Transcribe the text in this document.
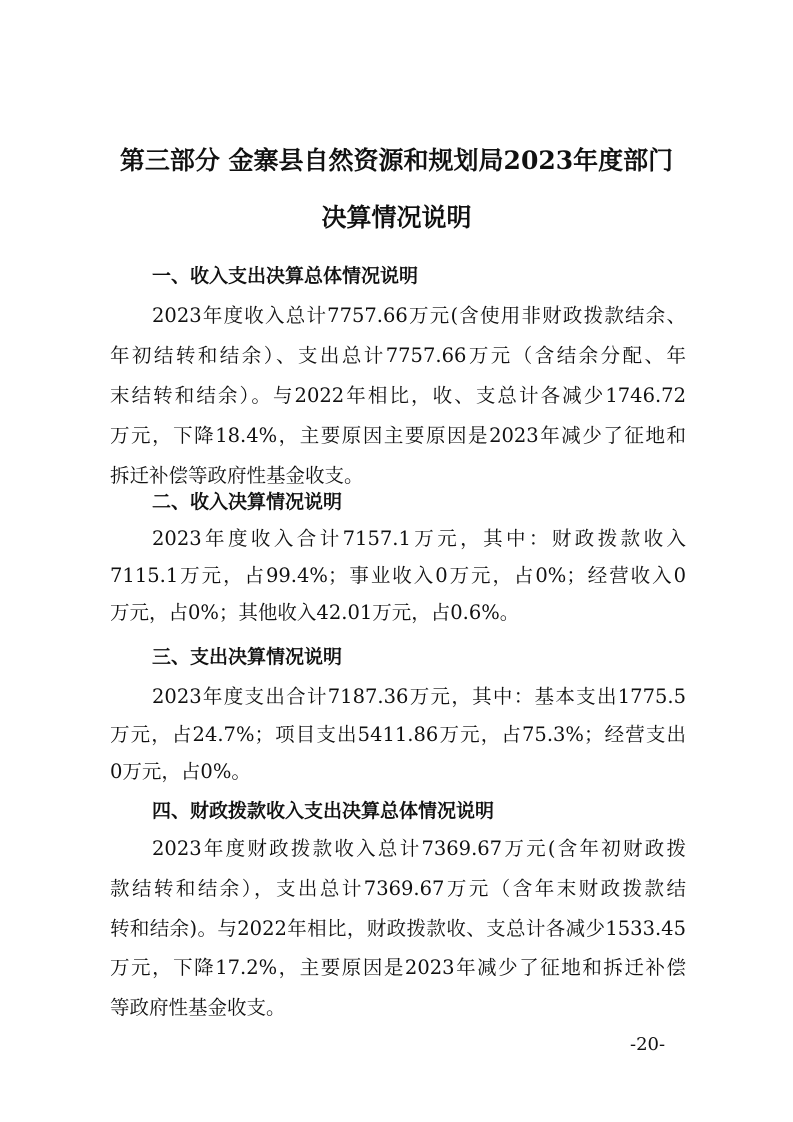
第三部分 金寨县自然资源和规划局2023年度部门
决算情况说明
一、收入支出决算总体情况说明
2023年度收入总计7757.66万元(含使用非财政拨款结余、
年初结转和结余）、支出总计7757.66万元（含结余分配、年
末结转和结余）。与2022年相比，收、支总计各减少1746.72
万元，下降18.4%，主要原因主要原因是2023年减少了征地和
拆迁补偿等政府性基金收支。
二、收入决算情况说明
2023年度收入合计7157.1万元，其中：财政拨款收入
7115.1万元，占99.4%；事业收入0万元，占0%；经营收入0
万元，占0%；其他收入42.01万元，占0.6%。
三、支出决算情况说明
2023年度支出合计7187.36万元，其中：基本支出1775.5
万元，占24.7%；项目支出5411.86万元，占75.3%；经营支出
0万元，占0%。
四、财政拨款收入支出决算总体情况说明
2023年度财政拨款收入总计7369.67万元(含年初财政拨
款结转和结余），支出总计7369.67万元（含年末财政拨款结
转和结余)。与2022年相比，财政拨款收、支总计各减少1533.45
万元，下降17.2%，主要原因是2023年减少了征地和拆迁补偿
等政府性基金收支。
-20-
